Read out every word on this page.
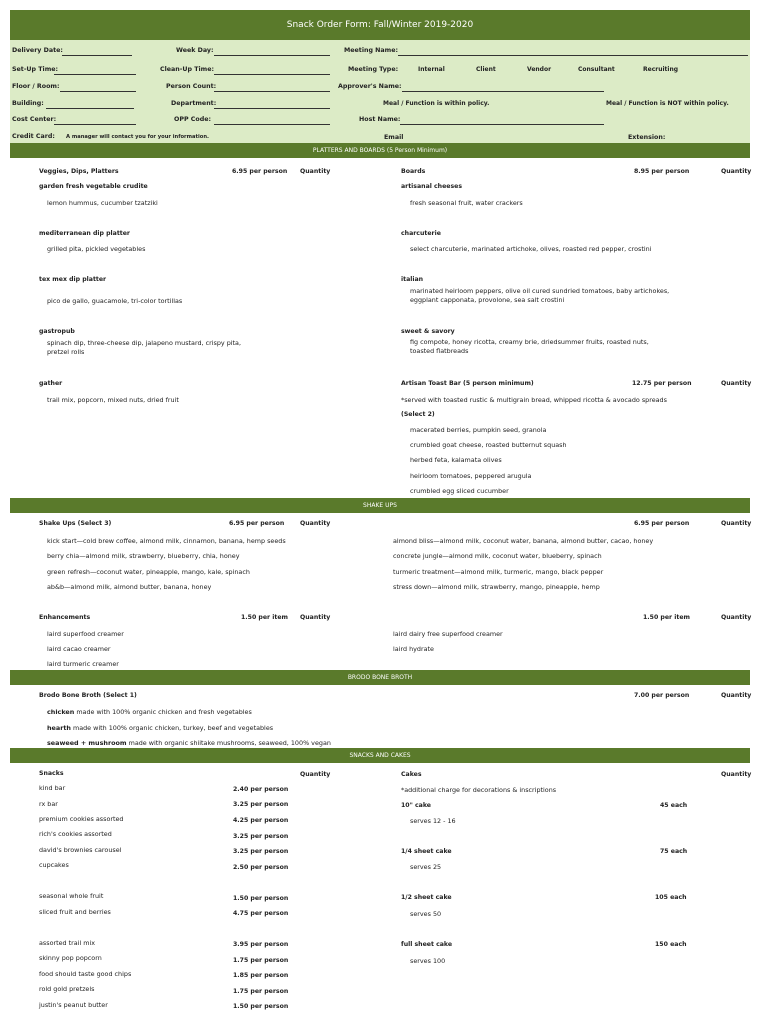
Snack Order Form: Fall/Winter 2019-2020
Delivery Date:	Week Day:	Meeting Name:
Set-Up Time:	Clean-Up Time:	Meeting Type:	Internal	Client	Vendor	Consultant	Recruiting
Floor / Room:	Person Count:	Approver's Name:
Building:	Department:	Meal / Function is within policy.	Meal / Function is NOT within policy.
Cost Center:	OPP Code:	Host Name:
Credit Card: A manager will contact you for your information.	Email	Extension:
PLATTERS AND BOARDS (5 Person Minimum)
Veggies, Dips, Platters	6.95 per person Quantity	Boards	8.95 per person	Quantity
garden fresh vegetable crudite
lemon hummus, cucumber tzatziki
mediterranean dip platter
grilled pita, pickled vegetables
tex mex dip platter
pico de gallo, guacamole, tri-color tortillas
gastropub
spinach dip, three-cheese dip, jalapeno mustard, crispy pita,
pretzel rolls
gather
trail mix, popcorn, mixed nuts, dried fruit
artisanal cheeses
fresh seasonal fruit, water crackers
charcuterie
select charcuterie, marinated artichoke, olives, roasted red pepper, crostini
italian
marinated heirloom peppers, olive oil cured sundried tomatoes, baby artichokes,
eggplant capponata, provolone, sea salt crostini
sweet & savory
fig compote, honey ricotta, creamy brie, driedsummer fruits, roasted nuts,
toasted flatbreads
Artisan Toast Bar (5 person minimum)	12.75 per person	Quantity
*served with toasted rustic & multigrain bread, whipped ricotta & avocado spreads
(Select 2)
macerated berries, pumpkin seed, granola
crumbled goat cheese, roasted butternut squash
herbed feta, kalamata olives
heirloom tomatoes, peppered arugula
crumbled egg sliced cucumber
SHAKE UPS
Shake Ups (Select 3)	6.95 per person	Quantity	6.95 per person	Quantity
kick start—cold brew coffee, almond milk, cinnamon, banana, hemp seeds
berry chia—almond milk, strawberry, blueberry, chia, honey
green refresh—coconut water, pineapple, mango, kale, spinach
ab&b—almond milk, almond butter, banana, honey
almond bliss—almond milk, coconut water, banana, almond butter, cacao, honey
concrete jungle—almond milk, coconut water, blueberry, spinach
turmeric treatment—almond milk, turmeric, mango, black pepper
stress down—almond milk, strawberry, mango, pineapple, hemp
Enhancements	1.50 per item Quantity	1.50 per item	Quantity
laird superfood creamer
laird cacao creamer
laird turmeric creamer
laird dairy free superfood creamer
laird hydrate
BRODO BONE BROTH
Brodo Bone Broth (Select 1)	7.00 per person	Quantity
chicken made with 100% organic chicken and fresh vegetables
hearth made with 100% organic chicken, turkey, beef and vegetables
seaweed + mushroom made with organic shiitake mushrooms, seaweed, 100% vegan
SNACKS AND CAKES
Snacks	Quantity	Cakes	Quantity
kind bar	2.40 per person
rx bar	3.25 per person
premium cookies assorted	4.25 per person
rich's cookies assorted	3.25 per person
david's brownies carousel	3.25 per person
cupcakes	2.50 per person
seasonal whole fruit	1.50 per person
sliced fruit and berries	4.75 per person
assorted trail mix	3.95 per person
skinny pop popcorn	1.75 per person
food should taste good chips	1.85 per person
rold gold pretzels	1.75 per person
justin's peanut butter	1.50 per person
*additional charge for decorations & inscriptions
10" cake	45 each
serves 12 - 16
1/4 sheet cake	75 each
serves 25
1/2 sheet cake	105 each
serves 50
full sheet cake	150 each
serves 100
